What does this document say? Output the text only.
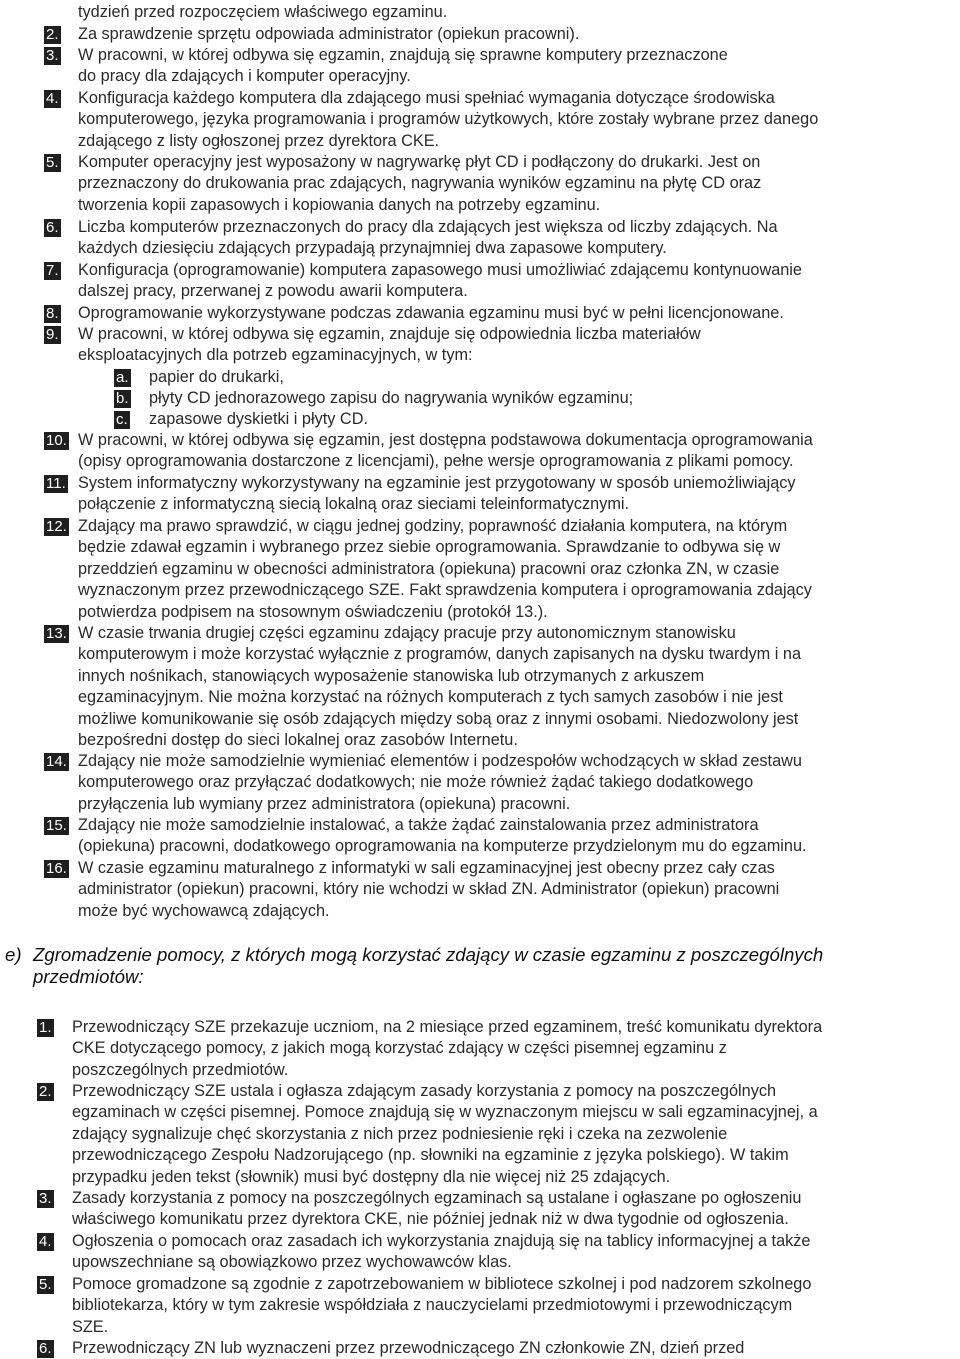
tydzień przed rozpoczęciem właściwego egzaminu.
2. Za sprawdzenie sprzętu odpowiada administrator (opiekun pracowni).
3. W pracowni, w której odbywa się egzamin, znajdują się sprawne komputery przeznaczone
do pracy dla zdających i komputer operacyjny.
4. Konfiguracja każdego komputera dla zdającego musi spełniać wymagania dotyczące środowiska
komputerowego, języka programowania i programów użytkowych, które zostały wybrane przez danego
zdającego z listy ogłoszonej przez dyrektora CKE.
5. Komputer operacyjny jest wyposażony w nagrywarkę płyt CD i podłączony do drukarki. Jest on
przeznaczony do drukowania prac zdających, nagrywania wyników egzaminu na płytę CD oraz
tworzenia kopii zapasowych i kopiowania danych na potrzeby egzaminu.
6. Liczba komputerów przeznaczonych do pracy dla zdających jest większa od liczby zdających. Na
każdych dziesięciu zdających przypadają przynajmniej dwa zapasowe komputery.
7. Konfiguracja (oprogramowanie) komputera zapasowego musi umożliwiać zdającemu kontynuowanie
dalszej pracy, przerwanej z powodu awarii komputera.
8. Oprogramowanie wykorzystywane podczas zdawania egzaminu musi być w pełni licencjonowane.
9. W pracowni, w której odbywa się egzamin, znajduje się odpowiednia liczba materiałów
eksploatacyjnych dla potrzeb egzaminacyjnych, w tym:
a. papier do drukarki,
b. płyty CD jednorazowego zapisu do nagrywania wyników egzaminu;
c. zapasowe dyskietki i płyty CD.
10. W pracowni, w której odbywa się egzamin, jest dostępna podstawowa dokumentacja oprogramowania
(opisy oprogramowania dostarczone z licencjami), pełne wersje oprogramowania z plikami pomocy.
11. System informatyczny wykorzystywany na egzaminie jest przygotowany w sposób uniemożliwiający
połączenie z informatyczną siecią lokalną oraz sieciami teleinformatycznymi.
12. Zdający ma prawo sprawdzić, w ciągu jednej godziny, poprawność działania komputera, na którym
będzie zdawał egzamin i wybranego przez siebie oprogramowania. Sprawdzanie to odbywa się w
przeddzień egzaminu w obecności administratora (opiekuna) pracowni oraz członka ZN, w czasie
wyznaczonym przez przewodniczącego SZE. Fakt sprawdzenia komputera i oprogramowania zdający
potwierdza podpisem na stosownym oświadczeniu (protokół 13.).
13. W czasie trwania drugiej części egzaminu zdający pracuje przy autonomicznym stanowisku
komputerowym i może korzystać wyłącznie z programów, danych zapisanych na dysku twardym i na
innych nośnikach, stanowiących wyposażenie stanowiska lub otrzymanych z arkuszem
egzaminacyjnym. Nie można korzystać na różnych komputerach z tych samych zasobów i nie jest
możliwe komunikowanie się osób zdających między sobą oraz z innymi osobami. Niedozwolony jest
bezpośredni dostęp do sieci lokalnej oraz zasobów Internetu.
14. Zdający nie może samodzielnie wymieniać elementów i podzespołów wchodzących w skład zestawu
komputerowego oraz przyłączać dodatkowych; nie może również żądać takiego dodatkowego
przyłączenia lub wymiany przez administratora (opiekuna) pracowni.
15. Zdający nie może samodzielnie instalować, a także żądać zainstalowania przez administratora
(opiekuna) pracowni, dodatkowego oprogramowania na komputerze przydzielonym mu do egzaminu.
16. W czasie egzaminu maturalnego z informatyki w sali egzaminacyjnej jest obecny przez cały czas
administrator (opiekun) pracowni, który nie wchodzi w skład ZN. Administrator (opiekun) pracowni
może być wychowawcą zdających.
e) Zgromadzenie pomocy, z których mogą korzystać zdający w czasie egzaminu z poszczególnych
przedmiotów:
1. Przewodniczący SZE przekazuje uczniom, na 2 miesiące przed egzaminem, treść komunikatu dyrektora
CKE dotyczącego pomocy, z jakich mogą korzystać zdający w części pisemnej egzaminu z
poszczególnych przedmiotów.
2. Przewodniczący SZE ustala i ogłasza zdającym zasady korzystania z pomocy na poszczególnych
egzaminach w części pisemnej. Pomoce znajdują się w wyznaczonym miejscu w sali egzaminacyjnej, a
zdający sygnalizuje chęć skorzystania z nich przez podniesienie ręki i czeka na zezwolenie
przewodniczącego Zespołu Nadzorującego (np. słowniki na egzaminie z języka polskiego). W takim
przypadku jeden tekst (słownik) musi być dostępny dla nie więcej niż 25 zdających.
3. Zasady korzystania z pomocy na poszczególnych egzaminach są ustalane i ogłaszane po ogłoszeniu
właściwego komunikatu przez dyrektora CKE, nie później jednak niż w dwa tygodnie od ogłoszenia.
4. Ogłoszenia o pomocach oraz zasadach ich wykorzystania znajdują się na tablicy informacyjnej a także
upowszechniane są obowiązkowo przez wychowawców klas.
5. Pomoce gromadzone są zgodnie z zapotrzebowaniem w bibliotece szkolnej i pod nadzorem szkolnego
bibliotekarza, który w tym zakresie współdziała z nauczycielami przedmiotowymi i przewodniczącym
SZE.
6. Przewodniczący ZN lub wyznaczeni przez przewodniczącego ZN członkowie ZN, dzień przed
